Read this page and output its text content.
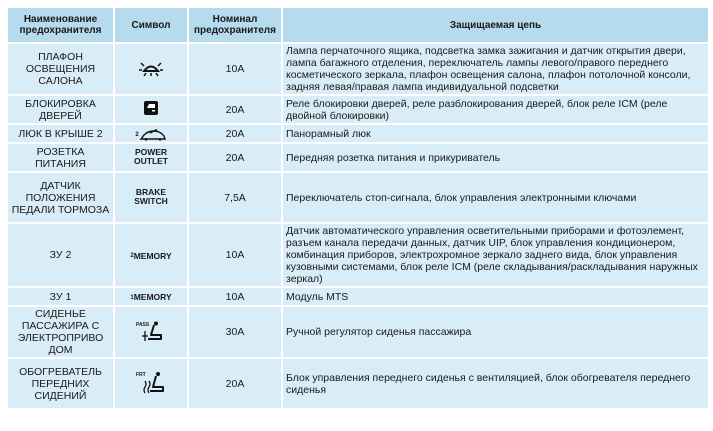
Наименование предохранителя	Символ	Номинал предохранителя	Защищаемая цепь
ПЛАФОН ОСВЕЩЕНИЯ САЛОНА		10A	Лампа перчаточного ящика, подсветка замка зажигания и датчик открытия двери, лампа багажного отделения, переключатель лампы левого/правого переднего косметического зеркала, плафон освещения салона, плафон потолочной консоли, задняя левая/правая лампа индивидуальной подсветки
БЛОКИРОВКА ДВЕРЕЙ		20A	Реле блокировки дверей, реле разблокирования дверей, блок реле ICM (реле двойной блокировки)
ЛЮК В КРЫШЕ 2	2	20A	Панорамный люк
РОЗЕТКА ПИТАНИЯ	POWER OUTLET	20A	Передняя розетка питания и прикуриватель
ДАТЧИК ПОЛОЖЕНИЯ ПЕДАЛИ ТОРМОЗА	BRAKE SWITCH	7,5A	Переключатель стоп-сигнала, блок управления электронными ключами
ЗУ 2	2 MEMORY	10A	Датчик автоматического управления осветительными приборами и фотоэлемент, разъем канала передачи данных, датчик UIP, блок управления кондиционером, комбинация приборов, электрохромное зеркало заднего вида, блок управления кузовными системами, блок реле ICM (реле складывания/раскладывания наружных зеркал)
ЗУ 1	1 MEMORY	10A	Модуль MTS
СИДЕНЬЕ ПАССАЖИРА С ЭЛЕКТРОПРИВО ДОМ	PASS	30A	Ручной регулятор сиденья пассажира
ОБОГРЕВАТЕЛЬ ПЕРЕДНИХ СИДЕНИЙ	FRT	20A	Блок управления переднего сиденья с вентиляцией, блок обогревателя переднего сиденья
